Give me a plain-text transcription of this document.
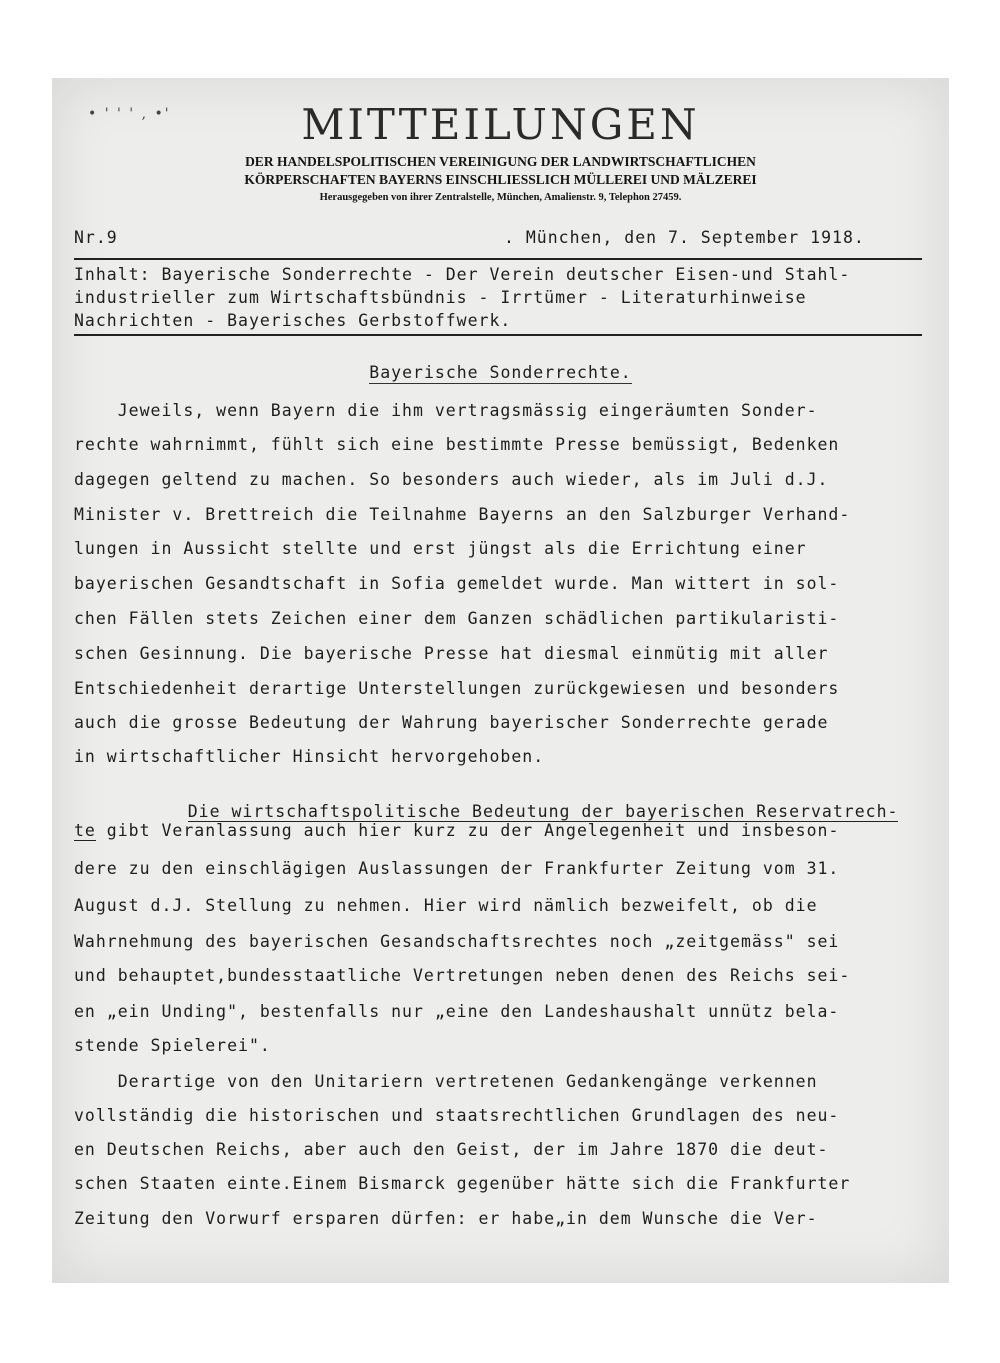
• ' ' ' , •'	MITTEILUNGEN
DER HANDELSPOLITISCHEN VEREINIGUNG DER LANDWIRTSCHAFTLICHEN
KÖRPERSCHAFTEN BAYERNS EINSCHLIESSLICH MÜLLEREI UND MÄLZEREI
Herausgegeben von ihrer Zentralstelle, München, Amalienstr. 9, Telephon 27459.
Nr.9	. München, den 7. September 1918.
Inhalt: Bayerische Sonderrechte - Der Verein deutscher Eisen-und Stahl-
industrieller zum Wirtschaftsbündnis - Irrtümer - Literaturhinweise
Nachrichten - Bayerisches Gerbstoffwerk.
Bayerische Sonderrechte.
Jeweils, wenn Bayern die ihm vertragsmässig eingeräumten Sonder-
rechte wahrnimmt, fühlt sich eine bestimmte Presse bemüssigt, Bedenken
dagegen geltend zu machen. So besonders auch wieder, als im Juli d.J.
Minister v. Brettreich die Teilnahme Bayerns an den Salzburger Verhand-
lungen in Aussicht stellte und erst jüngst als die Errichtung einer
bayerischen Gesandtschaft in Sofia gemeldet wurde. Man wittert in sol-
chen Fällen stets Zeichen einer dem Ganzen schädlichen partikularisti-
schen Gesinnung. Die bayerische Presse hat diesmal einmütig mit aller
Entschiedenheit derartige Unterstellungen zurückgewiesen und besonders
auch die grosse Bedeutung der Wahrung bayerischer Sonderrechte gerade
in wirtschaftlicher Hinsicht hervorgehoben.

Die wirtschaftspolitische Bedeutung der bayerischen Reservatrech-

te gibt Veranlassung auch hier kurz zu der Angelegenheit und insbeson-
dere zu den einschlägigen Auslassungen der Frankfurter Zeitung vom 31.
August d.J. Stellung zu nehmen. Hier wird nämlich bezweifelt, ob die
Wahrnehmung des bayerischen Gesandschaftsrechtes noch „zeitgemäss" sei
und behauptet,bundesstaatliche Vertretungen neben denen des Reichs sei-
en „ein Unding", bestenfalls nur „eine den Landeshaushalt unnütz bela-
stende Spielerei".
Derartige von den Unitariern vertretenen Gedankengänge verkennen
vollständig die historischen und staatsrechtlichen Grundlagen des neu-
en Deutschen Reichs, aber auch den Geist, der im Jahre 1870 die deut-
schen Staaten einte.Einem Bismarck gegenüber hätte sich die Frankfurter
Zeitung den Vorwurf ersparen dürfen: er habe„in dem Wunsche die Ver-
